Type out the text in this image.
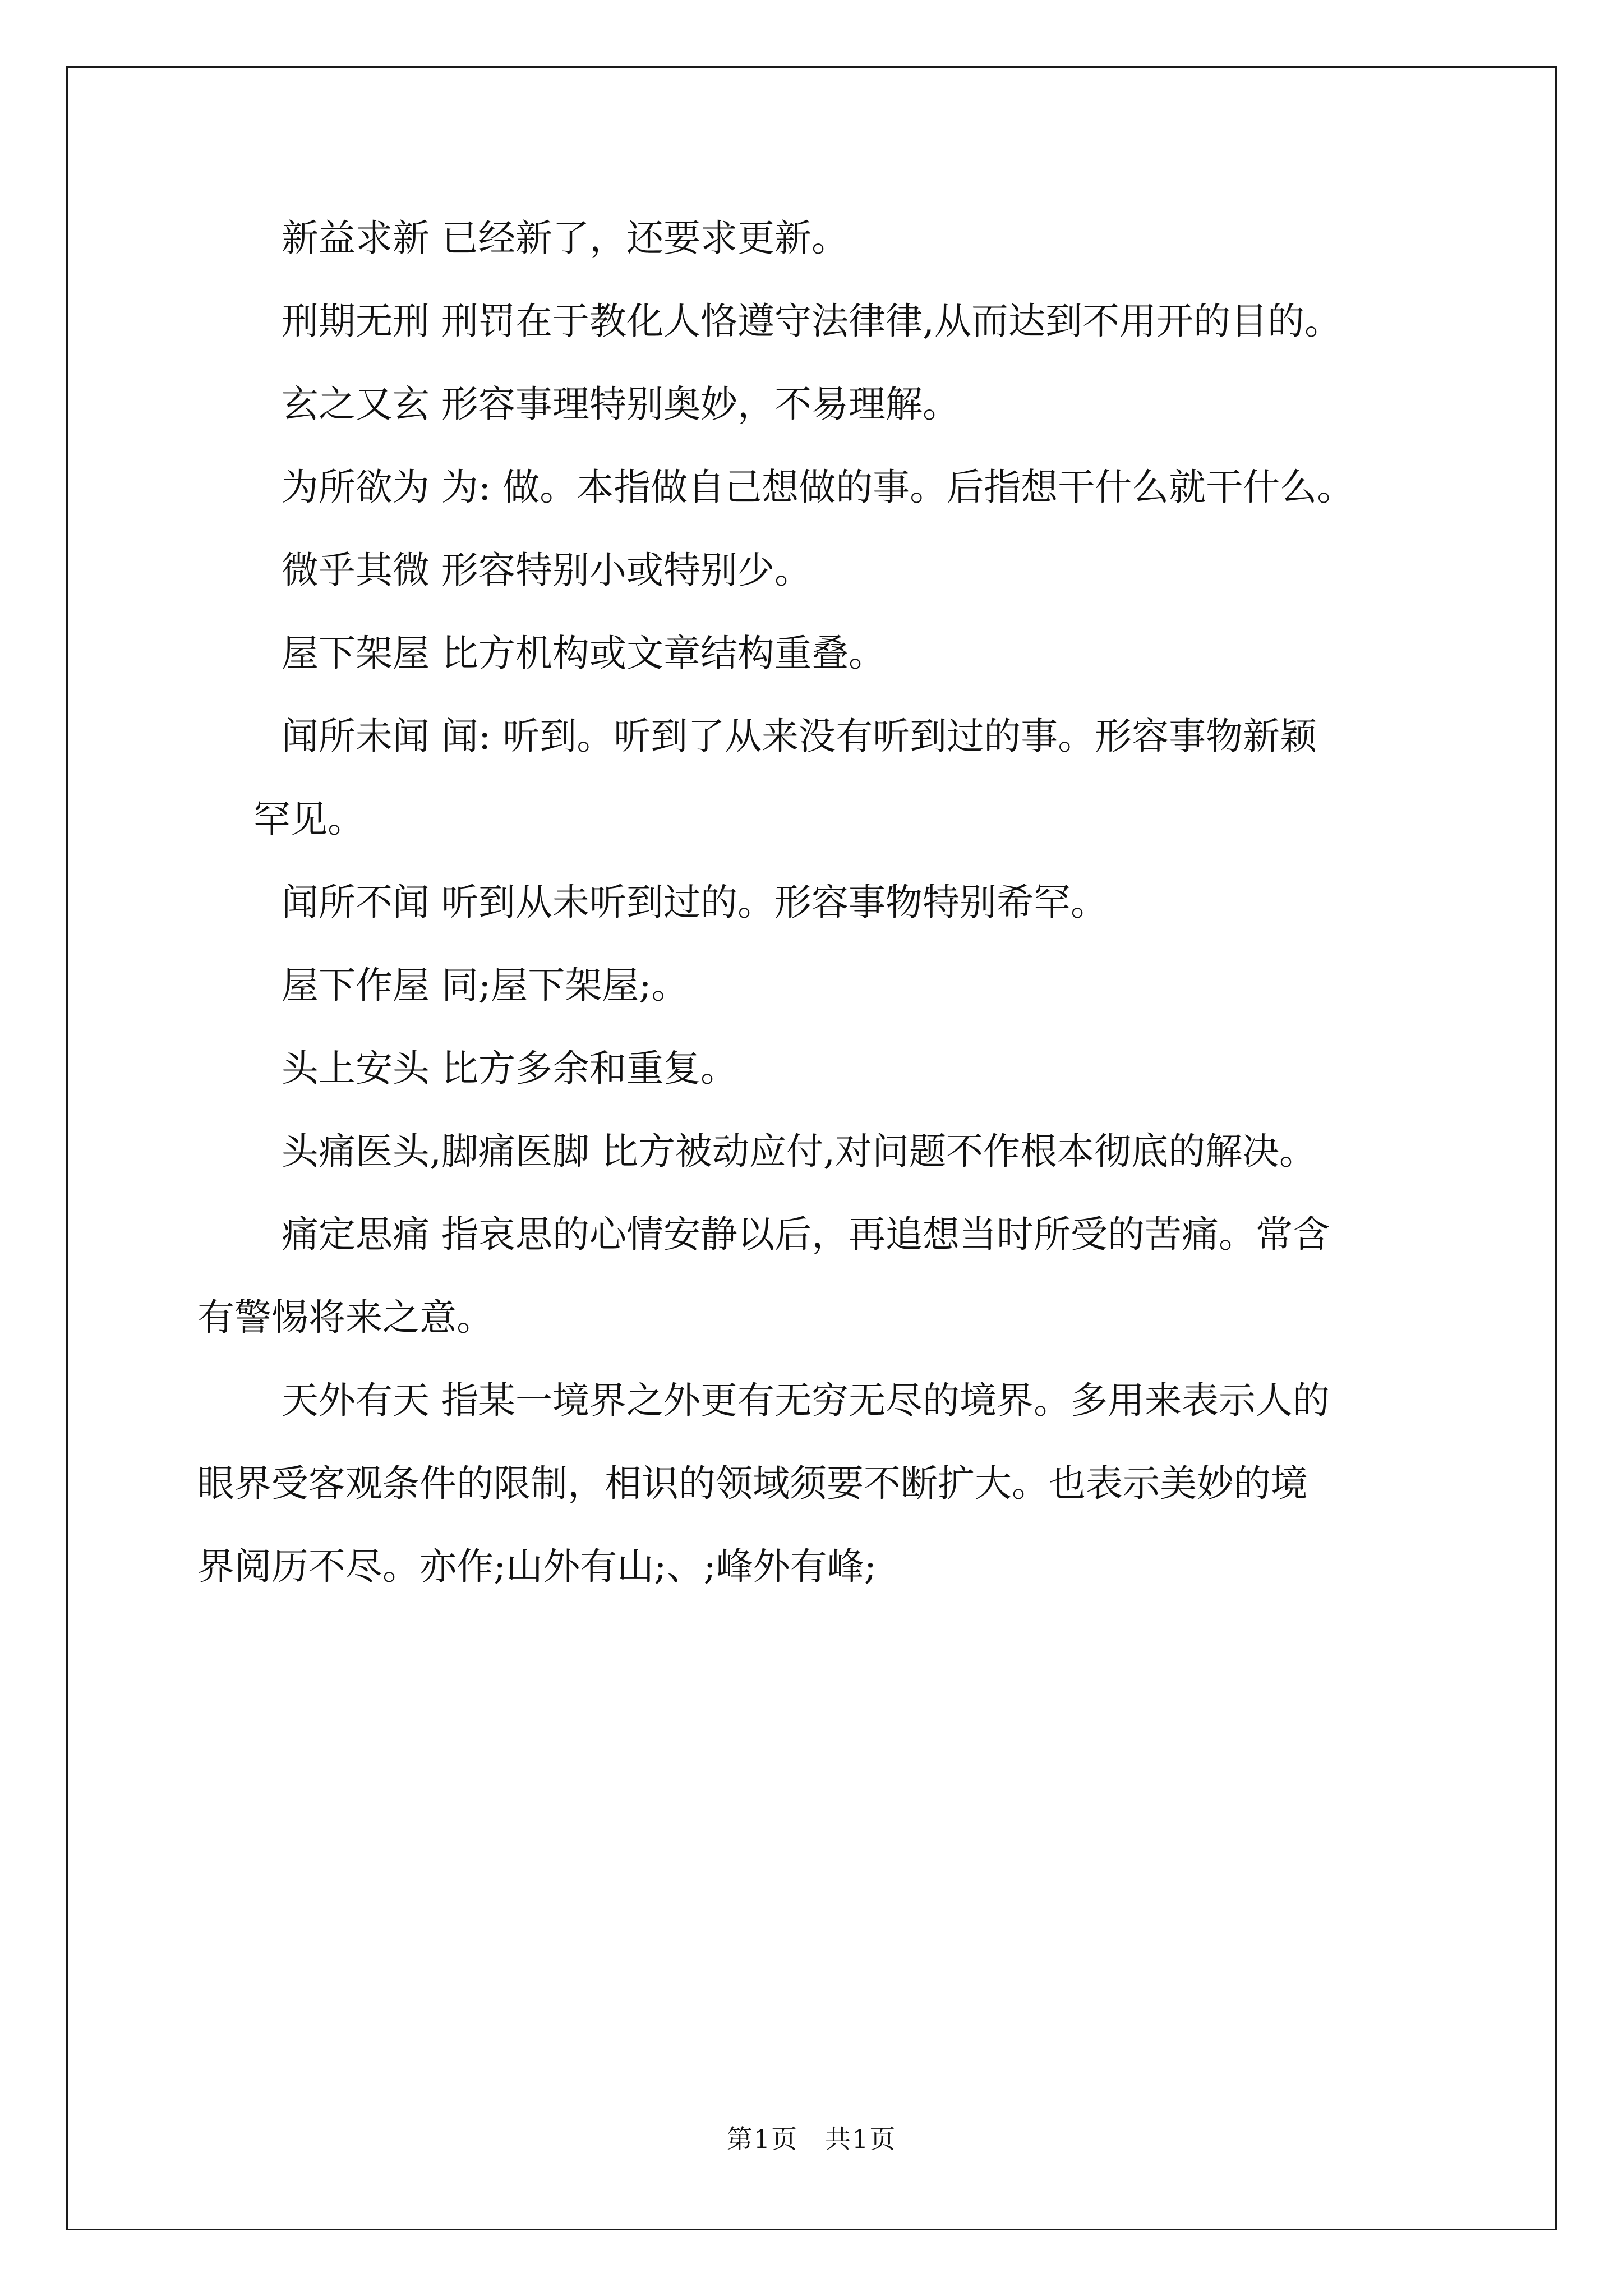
新益求新 已经新了，还要求更新。
刑期无刑 刑罚在于教化人恪遵守法律律,从而达到不用开的目的。
玄之又玄 形容事理特别奥妙，不易理解。
为所欲为 为: 做。本指做自己想做的事。后指想干什么就干什么。
微乎其微 形容特别小或特别少。
屋下架屋 比方机构或文章结构重叠。
闻所未闻 闻: 听到。听到了从来没有听到过的事。形容事物新颖
罕见。
闻所不闻 听到从未听到过的。形容事物特别希罕。
屋下作屋 同;屋下架屋;。
头上安头 比方多余和重复。
头痛医头,脚痛医脚 比方被动应付,对问题不作根本彻底的解决。
痛定思痛 指哀思的心情安静以后，再追想当时所受的苦痛。常含
有警惕将来之意。
天外有天 指某一境界之外更有无穷无尽的境界。多用来表示人的
眼界受客观条件的限制，相识的领域须要不断扩大。也表示美妙的境
界阅历不尽。亦作;山外有山;、;峰外有峰;
第1页　共1页
